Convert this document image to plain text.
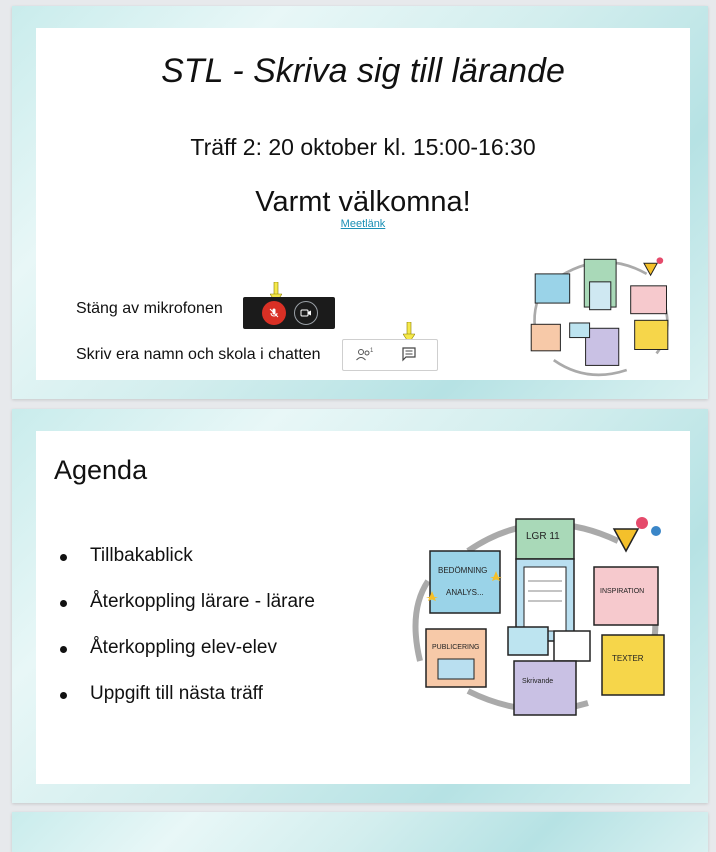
STL - Skriva sig till lärande
Träff 2: 20 oktober kl. 15:00-16:30
Varmt välkomna!
Meetlänk
Stäng av mikrofonen
Skriv era namn och skola i chatten	1
Agenda
Tillbakablick
Återkoppling lärare - lärare
Återkoppling elev-elev
Uppgift till nästa träff
BEDÖMNING
ANALYS...
LGR 11
INSPIRATION
TEXTER
PUBLICERING
Skrivande
